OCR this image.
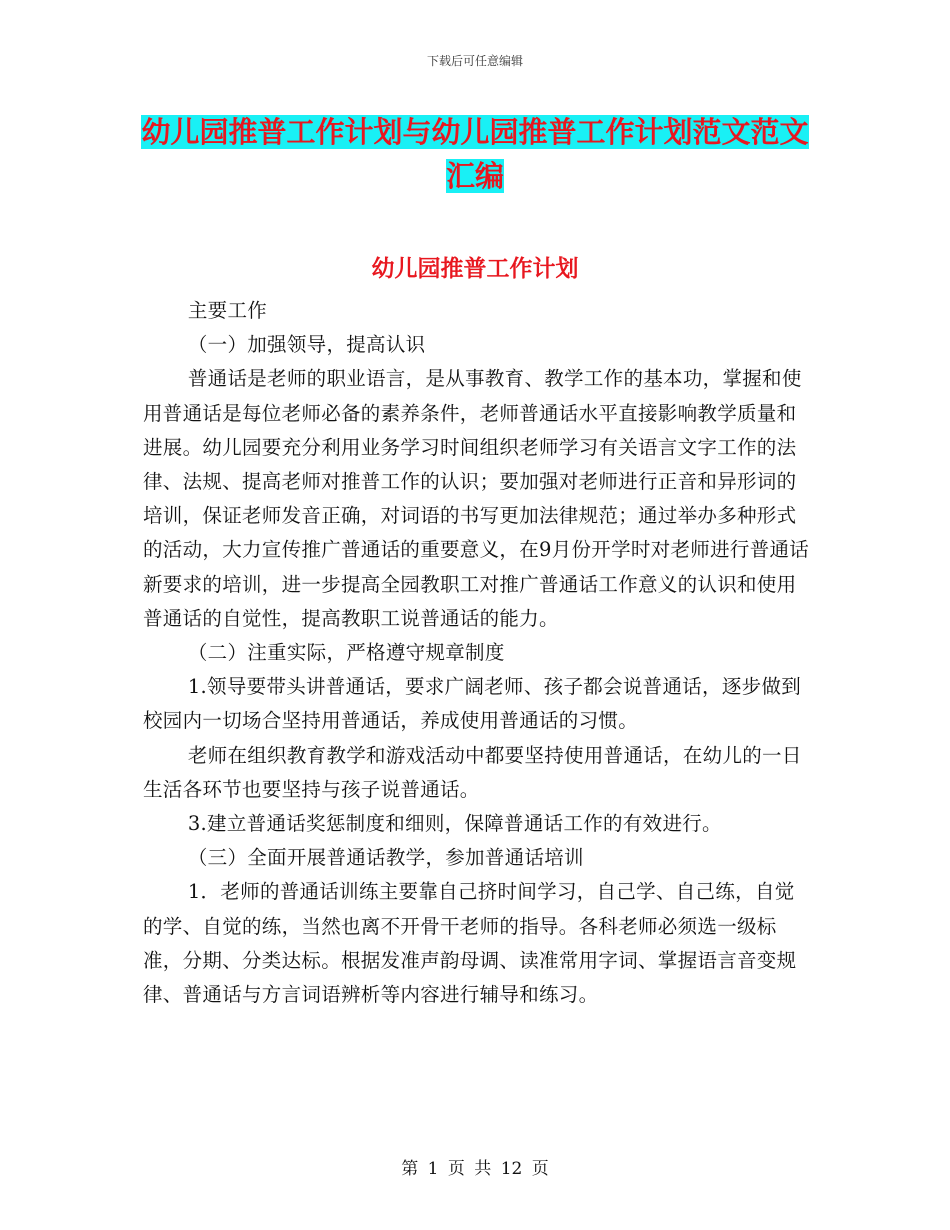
下载后可任意编辑
幼儿园推普工作计划与幼儿园推普工作计划范文范文
汇编
幼儿园推普工作计划

主要工作

（一）加强领导，提高认识

普通话是老师的职业语言，是从事教育、教学工作的基本功，掌握和使用普通话是每位老师必备的素养条件，老师普通话水平直接影响教学质量和进展。幼儿园要充分利用业务学习时间组织老师学习有关语言文字工作的法律、法规、提高老师对推普工作的认识；要加强对老师进行正音和异形词的培训，保证老师发音正确，对词语的书写更加法律规范；通过举办多种形式的活动，大力宣传推广普通话的重要意义，在9月份开学时对老师进行普通话新要求的培训，进一步提高全园教职工对推广普通话工作意义的认识和使用普通话的自觉性，提高教职工说普通话的能力。

（二）注重实际，严格遵守规章制度

1.领导要带头讲普通话，要求广阔老师、孩子都会说普通话，逐步做到校园内一切场合坚持用普通话，养成使用普通话的习惯。

老师在组织教育教学和游戏活动中都要坚持使用普通话，在幼儿的一日生活各环节也要坚持与孩子说普通话。

3.建立普通话奖惩制度和细则，保障普通话工作的有效进行。

（三）全面开展普通话教学，参加普通话培训

1．老师的普通话训练主要靠自己挤时间学习，自己学、自己练，自觉的学、自觉的练，当然也离不开骨干老师的指导。各科老师必须选一级标准，分期、分类达标。根据发准声韵母调、读准常用字词、掌握语言音变规律、普通话与方言词语辨析等内容进行辅导和练习。

第 1 页 共 12 页
